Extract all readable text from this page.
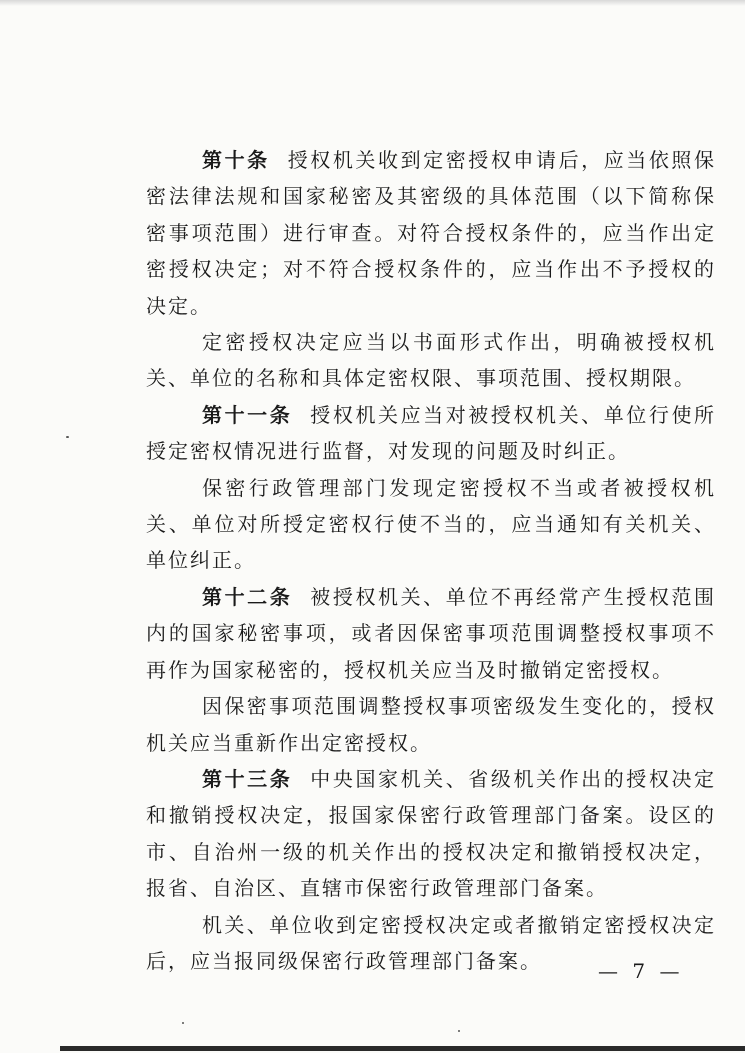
第十条 授权机关收到定密授权申请后，应当依照保密法律法规和国家秘密及其密级的具体范围（以下简称保密事项范围）进行审查。对符合授权条件的，应当作出定密授权决定；对不符合授权条件的，应当作出不予授权的决定。

定密授权决定应当以书面形式作出，明确被授权机关、单位的名称和具体定密权限、事项范围、授权期限。

第十一条 授权机关应当对被授权机关、单位行使所授定密权情况进行监督，对发现的问题及时纠正。

保密行政管理部门发现定密授权不当或者被授权机关、单位对所授定密权行使不当的，应当通知有关机关、单位纠正。

第十二条 被授权机关、单位不再经常产生授权范围内的国家秘密事项，或者因保密事项范围调整授权事项不再作为国家秘密的，授权机关应当及时撤销定密授权。

因保密事项范围调整授权事项密级发生变化的，授权机关应当重新作出定密授权。

第十三条 中央国家机关、省级机关作出的授权决定和撤销授权决定，报国家保密行政管理部门备案。设区的市、自治州一级的机关作出的授权决定和撤销授权决定，报省、自治区、直辖市保密行政管理部门备案。

机关、单位收到定密授权决定或者撤销定密授权决定后，应当报同级保密行政管理部门备案。	— 7 —
